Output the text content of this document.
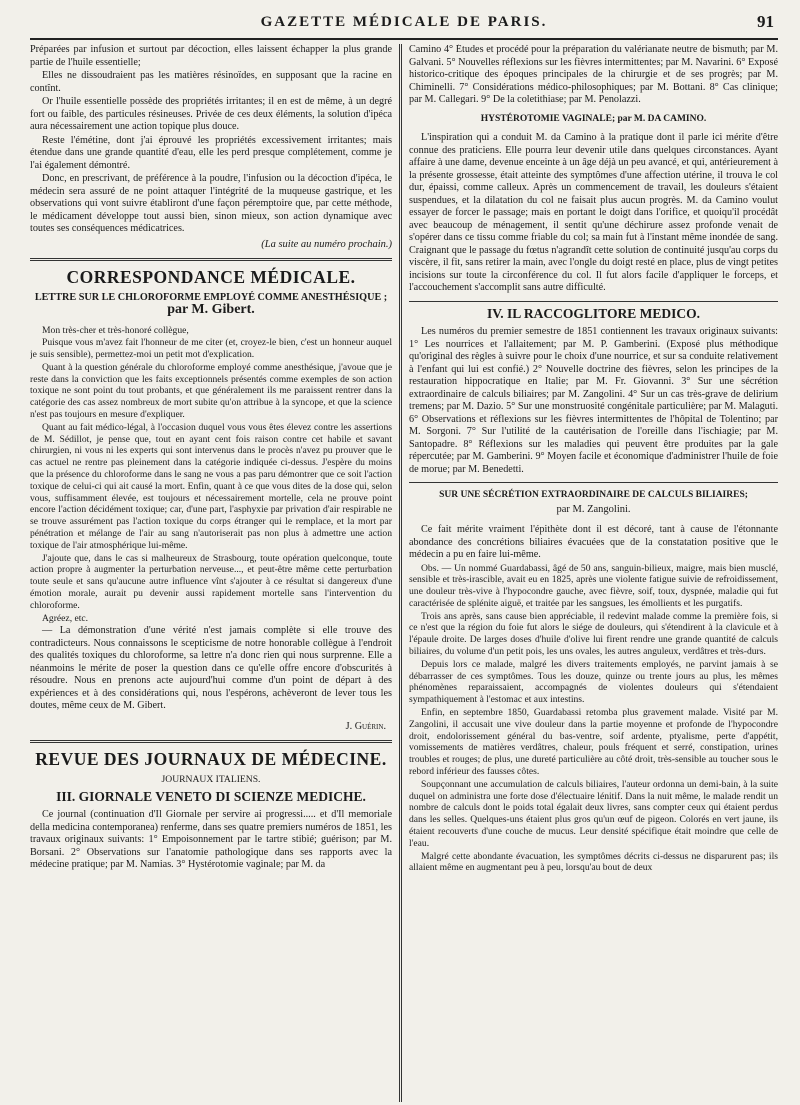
GAZETTE MÉDICALE DE PARIS.	91

Préparées par infusion et surtout par décoction, elles laissent échapper la plus grande partie de l'huile essentielle;

Elles ne dissoudraient pas les matières résinoïdes, en supposant que la racine en contînt.

Or l'huile essentielle possède des propriétés irritantes; il en est de même, à un degré fort ou faible, des particules résineuses. Privée de ces deux éléments, la solution d'ipéca aura nécessairement une action topique plus douce.

Reste l'émétine, dont j'ai éprouvé les propriétés excessivement irritantes; mais étendue dans une grande quantité d'eau, elle les perd presque complétement, comme je l'ai également démontré.

Donc, en prescrivant, de préférence à la poudre, l'infusion ou la décoction d'ipéca, le médecin sera assuré de ne point attaquer l'intégrité de la muqueuse gastrique, et les observations qui vont suivre établiront d'une façon péremptoire que, par cette méthode, le médicament développe tout aussi bien, sinon mieux, son action dynamique avec toutes ses conséquences médicatrices.

(La suite au numéro prochain.)
CORRESPONDANCE MÉDICALE.
LETTRE SUR LE CHLOROFORME EMPLOYÉ COMME ANESTHÉSIQUE ;
par M. Gibert.

Mon très-cher et très-honoré collègue,

Puisque vous m'avez fait l'honneur de me citer (et, croyez-le bien, c'est un honneur auquel je suis sensible), permettez-moi un petit mot d'explication.

Quant à la question générale du chloroforme employé comme anesthésique, j'avoue que je reste dans la conviction que les faits exceptionnels présentés comme exemples de son action toxique ne sont point du tout probants, et que généralement ils me paraissent rentrer dans la catégorie des cas assez nombreux de mort subite qu'on attribue à la syncope, et que la science n'est pas toujours en mesure d'expliquer.

Quant au fait médico-légal, à l'occasion duquel vous vous êtes élevez contre les assertions de M. Sédillot, je pense que, tout en ayant cent fois raison contre cet habile et savant chirurgien, ni vous ni les experts qui sont intervenus dans le procès n'avez pu prouver que le cas actuel ne rentre pas pleinement dans la catégorie indiquée ci-dessus. J'espère du moins que la présence du chloroforme dans le sang ne vous a pas paru démontrer que ce soit l'action toxique de celui-ci qui ait causé la mort. Enfin, quant à ce que vous dites de la dose qui, selon vous, suffisamment élevée, est toujours et nécessairement mortelle, cela ne prouve point encore l'action décidément toxique; car, d'une part, l'asphyxie par privation d'air respirable ne se trouve assurément pas l'action toxique du corps étranger qui le remplace, et la mort par pénétration et mélange de l'air au sang n'autoriserait pas non plus à admettre une action toxique de l'air atmosphérique lui-même.

J'ajoute que, dans le cas si malheureux de Strasbourg, toute opération quelconque, toute action propre à augmenter la perturbation nerveuse..., et peut-être même cette perturbation toute seule et sans qu'aucune autre influence vînt s'ajouter à ce résultat si dangereux d'une émotion morale, aurait pu devenir aussi rapidement mortelle sans l'intervention du chloroforme.

Agréez, etc.

— La démonstration d'une vérité n'est jamais complète si elle trouve des contradicteurs. Nous connaissons le scepticisme de notre honorable collègue à l'endroit des qualités toxiques du chloroforme, sa lettre n'a donc rien qui nous surprenne. Elle a néanmoins le mérite de poser la question dans ce qu'elle offre encore d'obscurités à résoudre. Nous en prenons acte aujourd'hui comme d'un point de départ à des expériences et à des considérations qui, nous l'espérons, achèveront de lever tous les doutes, même ceux de M. Gibert.

J. Guérin.
REVUE DES JOURNAUX DE MÉDECINE.
JOURNAUX ITALIENS.
III. GIORNALE VENETO DI SCIENZE MEDICHE.

Ce journal (continuation d'Il Giornale per servire ai progressi..... et d'Il memoriale della medicina contemporanea) renferme, dans ses quatre premiers numéros de 1851, les travaux originaux suivants: 1° Empoisonnement par le tartre stibié; guérison; par M. Borsani. 2° Observations sur l'anatomie pathologique dans ses rapports avec la médecine pratique; par M. Namias. 3° Hystérotomie vaginale; par M. da

Camino 4° Études et procédé pour la préparation du valérianate neutre de bismuth; par M. Galvani. 5° Nouvelles réflexions sur les fièvres intermittentes; par M. Navarini. 6° Exposé historico-critique des époques principales de la chirurgie et de ses progrès; par M. Chiminelli. 7° Considérations médico-philosophiques; par M. Bottani. 8° Cas clinique; par M. Callegari. 9° De la coletithiase; par M. Penolazzi.

HYSTÉROTOMIE VAGINALE; par M. DA CAMINO.

L'inspiration qui a conduit M. da Camino à la pratique dont il parle ici mérite d'être connue des praticiens. Elle pourra leur devenir utile dans quelques circonstances. Ayant affaire à une dame, devenue enceinte à un âge déjà un peu avancé, et qui, antérieurement à la présente grossesse, était atteinte des symptômes d'une affection utérine, il trouva le col dur, épaissi, comme calleux. Après un commencement de travail, les douleurs s'étaient suspendues, et la dilatation du col ne faisait plus aucun progrès. M. da Camino voulut essayer de forcer le passage; mais en portant le doigt dans l'orifice, et quoiqu'il procédât avec beaucoup de ménagement, il sentit qu'une déchirure assez profonde venait de s'opérer dans ce tissu comme friable du col; sa main fut à l'instant même inondée de sang. Craignant que le passage du fœtus n'agrandît cette solution de continuité jusqu'au corps du viscère, il fit, sans retirer la main, avec l'ongle du doigt resté en place, plus de vingt petites incisions sur toute la circonférence du col. Il fut alors facile d'appliquer le forceps, et l'accouchement s'accomplit sans autre difficulté.

IV. IL RACCOGLITORE MEDICO.

Les numéros du premier semestre de 1851 contiennent les travaux originaux suivants: 1° Les nourrices et l'allaitement; par M. P. Gamberini. (Exposé plus méthodique qu'original des règles à suivre pour le choix d'une nourrice, et sur sa conduite relativement à l'enfant qui lui est confié.) 2° Nouvelle doctrine des fièvres, selon les principes de la restauration hippocratique en Italie; par M. Fr. Giovanni. 3° Sur une sécrétion extraordinaire de calculs biliaires; par M. Zangolini. 4° Sur un cas très-grave de delirium tremens; par M. Dazio. 5° Sur une monstruosité congénitale particulière; par M. Malaguti. 6° Observations et réflexions sur les fièvres intermittentes de l'hôpital de Tolentino; par M. Sorgoni. 7° Sur l'utilité de la cautérisation de l'oreille dans l'ischiagie; par M. Santopadre. 8° Réflexions sur les maladies qui peuvent être produites par la gale répercutée; par M. Gamberini. 9° Moyen facile et économique d'administrer l'huile de foie de morue; par M. Benedetti.

SUR UNE SÉCRÉTION EXTRAORDINAIRE DE CALCULS BILIAIRES;
par M. Zangolini.

Ce fait mérite vraiment l'épithète dont il est décoré, tant à cause de l'étonnante abondance des concrétions biliaires évacuées que de la constatation positive que le médecin a pu en faire lui-même.

Obs. — Un nommé Guardabassi, âgé de 50 ans, sanguin-bilieux, maigre, mais bien musclé, sensible et très-irascible, avait eu en 1825, après une violente fatigue suivie de refroidissement, une douleur très-vive à l'hypocondre gauche, avec fièvre, soif, toux, dyspnée, maladie qui fut caractérisée de splénite aiguë, et traitée par les sangsues, les émollients et les purgatifs.

Trois ans après, sans cause bien appréciable, il redevint malade comme la première fois, si ce n'est que la région du foie fut alors le siége de douleurs, qui s'étendirent à la clavicule et à l'épaule droite. De larges doses d'huile d'olive lui firent rendre une grande quantité de calculs biliaires, du volume d'un petit pois, les uns ovales, les autres anguleux, verdâtres et très-durs.

Depuis lors ce malade, malgré les divers traitements employés, ne parvint jamais à se débarrasser de ces symptômes. Tous les douze, quinze ou trente jours au plus, les mêmes phénomènes reparaissaient, accompagnés de violentes douleurs qui s'étendaient sympathiquement à l'estomac et aux intestins.

Enfin, en septembre 1850, Guardabassi retomba plus gravement malade. Visité par M. Zangolini, il accusait une vive douleur dans la partie moyenne et profonde de l'hypocondre droit, endolorissement général du bas-ventre, soif ardente, ptyalisme, perte d'appétit, vomissements de matières verdâtres, chaleur, pouls fréquent et serré, constipation, urines troubles et rouges; de plus, une dureté particulière au côté droit, très-sensible au toucher sous le rebord inférieur des fausses côtes.

Soupçonnant une accumulation de calculs biliaires, l'auteur ordonna un demi-bain, à la suite duquel on administra une forte dose d'électuaire lénitif. Dans la nuit même, le malade rendit un nombre de calculs dont le poids total égalait deux livres, sans compter ceux qui étaient perdus dans les selles. Quelques-uns étaient plus gros qu'un œuf de pigeon. Colorés en vert jaune, ils étaient recouverts d'une couche de mucus. Leur densité spécifique était moindre que celle de l'eau.

Malgré cette abondante évacuation, les symptômes décrits ci-dessus ne disparurent pas; ils allaient même en augmentant peu à peu, lorsqu'au bout de deux
